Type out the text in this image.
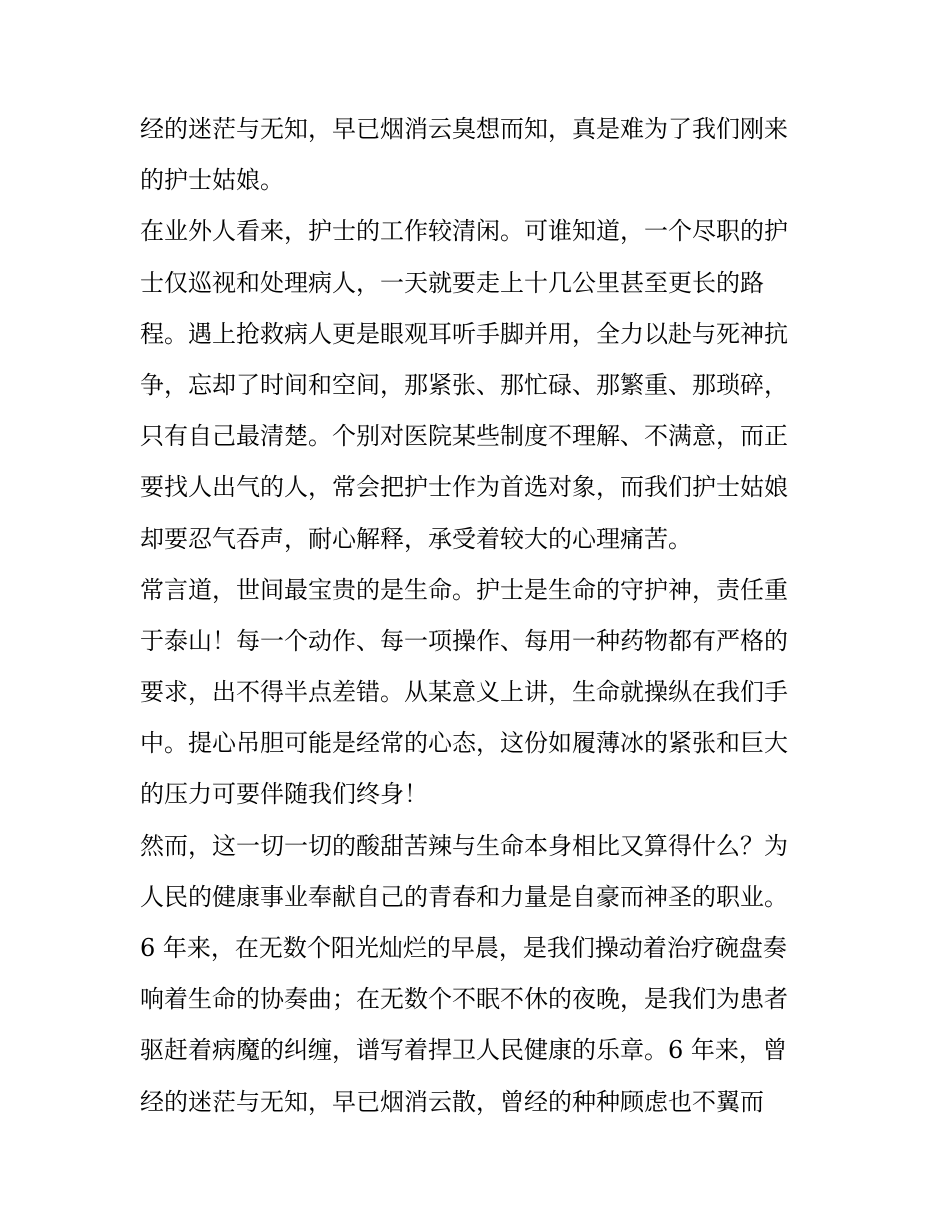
经的迷茫与无知，早已烟消云臭想而知，真是难为了我们刚来
的护士姑娘。
在业外人看来，护士的工作较清闲。可谁知道，一个尽职的护
士仅巡视和处理病人，一天就要走上十几公里甚至更长的路
程。遇上抢救病人更是眼观耳听手脚并用，全力以赴与死神抗
争，忘却了时间和空间，那紧张、那忙碌、那繁重、那琐碎，
只有自己最清楚。个别对医院某些制度不理解、不满意，而正
要找人出气的人，常会把护士作为首选对象，而我们护士姑娘
却要忍气吞声，耐心解释，承受着较大的心理痛苦。
常言道，世间最宝贵的是生命。护士是生命的守护神，责任重
于泰山！每一个动作、每一项操作、每用一种药物都有严格的
要求，出不得半点差错。从某意义上讲，生命就操纵在我们手
中。提心吊胆可能是经常的心态，这份如履薄冰的紧张和巨大
的压力可要伴随我们终身！
然而，这一切一切的酸甜苦辣与生命本身相比又算得什么？为
人民的健康事业奉献自己的青春和力量是自豪而神圣的职业。
6 年来，在无数个阳光灿烂的早晨，是我们操动着治疗碗盘奏
响着生命的协奏曲；在无数个不眠不休的夜晚，是我们为患者
驱赶着病魔的纠缠，谱写着捍卫人民健康的乐章。6 年来，曾
经的迷茫与无知，早已烟消云散，曾经的种种顾虑也不翼而
